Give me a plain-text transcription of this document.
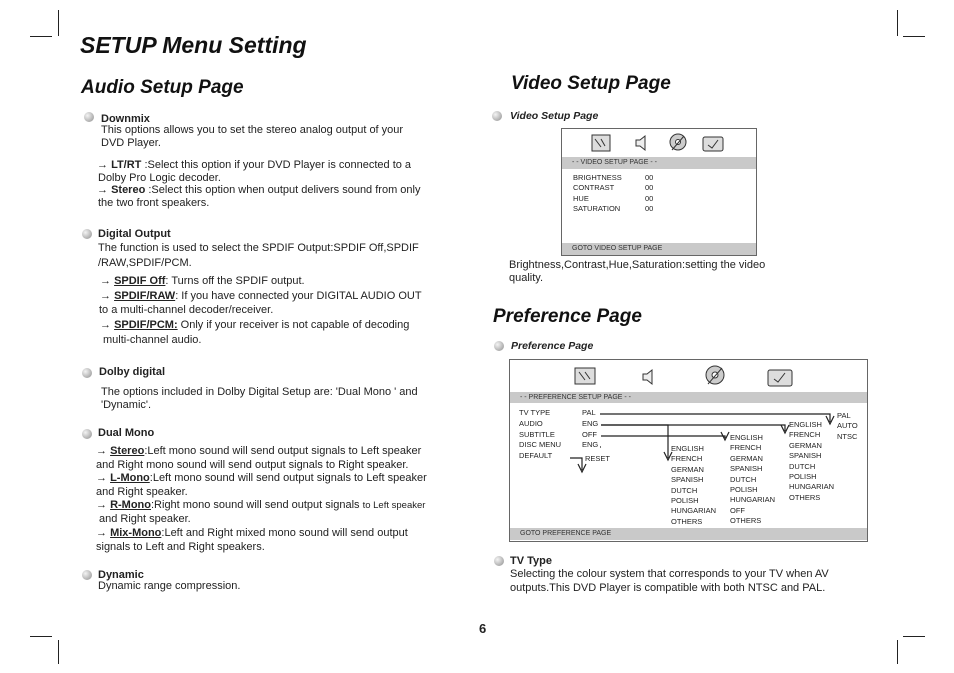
SETUP Menu Setting
Audio Setup Page
Downmix
This options allows you to set the stereo analog output of your
DVD Player.
→ LT/RT :Select this option if your DVD Player is connected to a
Dolby Pro Logic decoder.
→ Stereo :Select this option when output delivers sound from only
the two front speakers.
Digital Output
The function is used to select the SPDIF Output:SPDIF Off,SPDIF
/RAW,SPDIF/PCM.
→ SPDIF Off: Turns off the SPDIF output.
→ SPDIF/RAW: If you have connected your DIGITAL AUDIO OUT
to a multi-channel decoder/receiver.
→ SPDIF/PCM: Only if your receiver is not capable of decoding
multi-channel audio.
Dolby digital
The options included in Dolby Digital Setup are: 'Dual Mono ' and
'Dynamic'.
Dual Mono
→ Stereo:Left mono sound will send output signals to Left speaker
and Right mono sound will send output signals to Right speaker.
→ L-Mono:Left mono sound will send output signals to Left speaker
and Right speaker.
→ R-Mono:Right mono sound will send output signals to Left speaker
and Right speaker.
→ Mix-Mono:Left and Right mixed mono sound will send output
signals to Left and Right speakers.
Dynamic
Dynamic range compression.
Video Setup Page
Video Setup Page
- - VIDEO SETUP PAGE - -
BRIGHTNESS
CONTRAST
HUE
SATURATION
00
00
00
00
GOTO VIDEO SETUP PAGE
Brightness,Contrast,Hue,Saturation:setting the video
quality.
Preference Page
Preference Page
- - PREFERENCE SETUP PAGE - -
TV TYPE
AUDIO
SUBTITLE
DISC MENU
DEFAULT
PAL
ENG
OFF
ENG
RESET
ENGLISH
FRENCH
GERMAN
SPANISH
DUTCH
POLISH
HUNGARIAN
OTHERS
ENGLISH
FRENCH
GERMAN
SPANISH
DUTCH
POLISH
HUNGARIAN
OFF
OTHERS
ENGLISH
FRENCH
GERMAN
SPANISH
DUTCH
POLISH
HUNGARIAN
OTHERS
PAL
AUTO
NTSC
GOTO PREFERENCE PAGE
TV Type
Selecting the colour system that corresponds to your TV when AV
outputs.This DVD Player is compatible with both NTSC and PAL.
6
